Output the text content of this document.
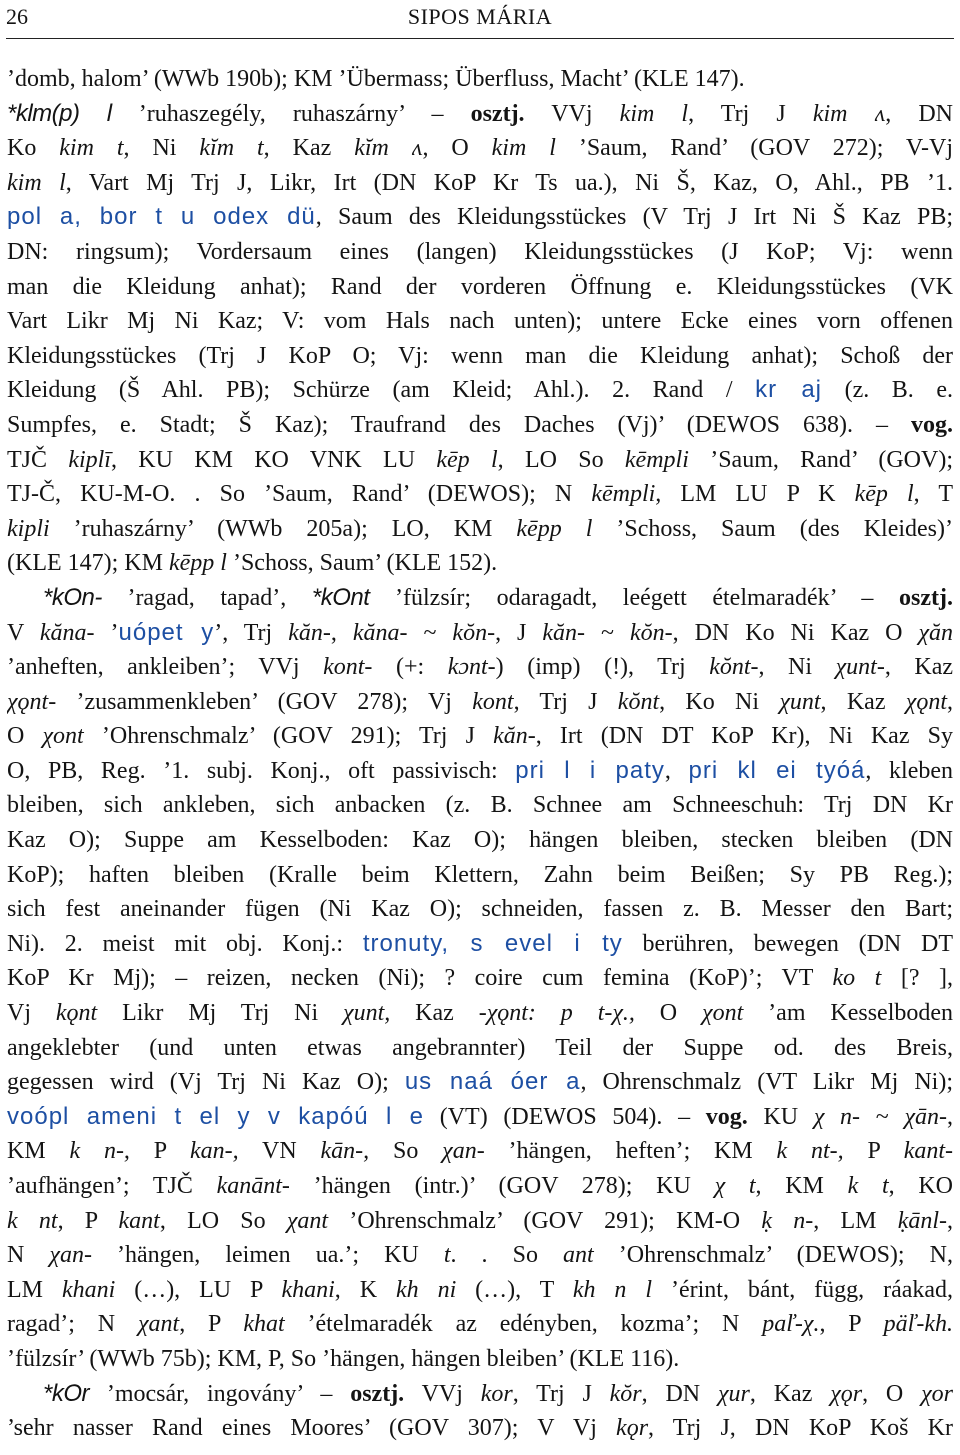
26	SIPOS MÁRIA
’domb, halom’ (WWb 190b); KM ’Übermass; Überfluss, Macht’ (KLE 147).
*klm(p) l ’ruhaszegély, ruhaszárny’ – osztj. VVj kim l, Trj J kim ʌ, DN
Ko kim t, Ni kĭm t, Kaz kĭm ʌ, O kim l ’Saum, Rand’ (GOV 272); V-Vj
kim l, Vart Mj Trj J, Likr, Irt (DN KoP Kr Ts ua.), Ni Š, Kaz, O, Ahl., PB ’1.
pol a, bor t u odex dü, Saum des Kleidungsstückes (V Trj J Irt Ni Š Kaz PB;
DN: ringsum); Vordersaum eines (langen) Kleidungsstückes (J KoP; Vj: wenn
man die Kleidung anhat); Rand der vorderen Öffnung e. Kleidungsstückes (VK
Vart Likr Mj Ni Kaz; V: vom Hals nach unten); untere Ecke eines vorn offenen
Kleidungsstückes (Trj J KoP O; Vj: wenn man die Kleidung anhat); Schoß der
Kleidung (Š Ahl. PB); Schürze (am Kleid; Ahl.). 2. Rand / kr aj (z. B. e.
Sumpfes, e. Stadt; Š Kaz); Traufrand des Daches (Vj)’ (DEWOS 638). – vog.
TJČ kiplī, KU KM KO VNK LU kēp l, LO So kēmpli ’Saum, Rand’ (GOV);
TJ-Č, KU-M-O. . So ’Saum, Rand’ (DEWOS); N kēmpli, LM LU P K kēp l, T
kipli ’ruhaszárny’ (WWb 205a); LO, KM kēpp l ’Schoss, Saum (des Kleides)’
(KLE 147); KM kēpp l ’Schoss, Saum’ (KLE 152).
*kOn- ’ragad, tapad’, *kOnt ’fülzsír; odaragadt, leégett ételmaradék’ – osztj.
V kăna- ’uópet y’, Trj kăn-, kăna- ~ kŏn-, J kăn- ~ kŏn-, DN Ko Ni Kaz O χăn
’anheften, ankleiben’; VVj kont- (+: kɔnt-) (imp) (!), Trj kŏnt-, Ni χunt-, Kaz
χǫnt- ’zusammenkleben’ (GOV 278); Vj kont, Trj J kŏnt, Ko Ni χunt, Kaz χǫnt,
O χont ’Ohrenschmalz’ (GOV 291); Trj J kăn-, Irt (DN DT KoP Kr), Ni Kaz Sy
O, PB, Reg. ’1. subj. Konj., oft passivisch: pri l i paty, pri kl ei tyóá, kleben
bleiben, sich ankleben, sich anbacken (z. B. Schnee am Schneeschuh: Trj DN Kr
Kaz O); Suppe am Kesselboden: Kaz O); hängen bleiben, stecken bleiben (DN
KoP); haften bleiben (Kralle beim Klettern, Zahn beim Beißen; Sy PB Reg.);
sich fest aneinander fügen (Ni Kaz O); schneiden, fassen z. B. Messer den Bart;
Ni). 2. meist mit obj. Konj.: tronuty, s evel i ty berühren, bewegen (DN DT
KoP Kr Mj); – reizen, necken (Ni); ? coire cum femina (KoP)’; VT ko t [? ],
Vj kǫnt Likr Mj Trj Ni χunt, Kaz -χǫnt: p t-χ., O χont ’am Kesselboden
angeklebter (und unten etwas angebrannter) Teil der Suppe od. des Breis,
gegessen wird (Vj Trj Ni Kaz O); us naá óer a, Ohrenschmalz (VT Likr Mj Ni);
voópl ameni t el y v kapóú l e (VT) (DEWOS 504). – vog. KU χ n- ~ χān-,
KM k n-, P kan-, VN kān-, So χan- ’hängen, heften’; KM k nt-, P kant-
’aufhängen’; TJČ kanānt- ’hängen (intr.)’ (GOV 278); KU χ t, KM k t, KO
k nt, P kant, LO So χant ’Ohrenschmalz’ (GOV 291); KM-O ḳ n-, LM ḳānl-,
N χan- ’hängen, leimen ua.’; KU t. . So ant ’Ohrenschmalz’ (DEWOS); N,
LM khani (…), LU P khani, K kh ni (…), T kh n l ’érint, bánt, függ, ráakad,
ragad’; N χant, P khat ’ételmaradék az edényben, kozma’; N paľ-χ., P päľ-kh.
’fülzsír’ (WWb 75b); KM, P, So ’hängen, hängen bleiben’ (KLE 116).
*kOr ’mocsár, ingovány’ – osztj. VVj kor, Trj J kŏr, DN χur, Kaz χǫr, O χor
’sehr nasser Rand eines Moores’ (GOV 307); V Vj kǫr, Trj J, DN KoP Koš Kr
